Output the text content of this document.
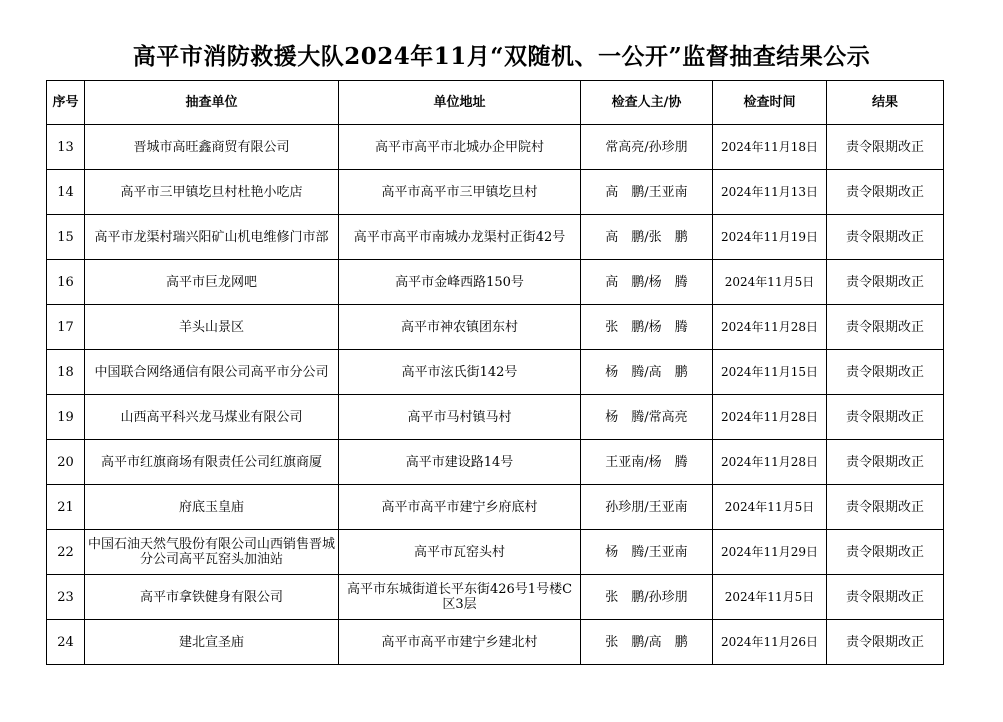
高平市消防救援大队2024年11月“双随机、一公开”监督抽查结果公示
序号	抽查单位	单位地址	检查人主/协	检查时间	结果
13	晋城市高旺鑫商贸有限公司	高平市高平市北城办企甲院村	常高亮/孙珍朋	2024年11月18日	责令限期改正
14	高平市三甲镇圪旦村杜艳小吃店	高平市高平市三甲镇圪旦村	高　鹏/王亚南	2024年11月13日	责令限期改正
15	高平市龙渠村瑞兴阳矿山机电维修门市部	高平市高平市南城办龙渠村正街42号	高　鹏/张　鹏	2024年11月19日	责令限期改正
16	高平市巨龙网吧	高平市金峰西路150号	高　鹏/杨　腾	2024年11月5日	责令限期改正
17	羊头山景区	高平市神农镇团东村	张　鹏/杨　腾	2024年11月28日	责令限期改正
18	中国联合网络通信有限公司高平市分公司	高平市泫氏街142号	杨　腾/高　鹏	2024年11月15日	责令限期改正
19	山西高平科兴龙马煤业有限公司	高平市马村镇马村	杨　腾/常高亮	2024年11月28日	责令限期改正
20	高平市红旗商场有限责任公司红旗商厦	高平市建设路14号	王亚南/杨　腾	2024年11月28日	责令限期改正
21	府底玉皇庙	高平市高平市建宁乡府底村	孙珍朋/王亚南	2024年11月5日	责令限期改正
22	中国石油天然气股份有限公司山西销售晋城分公司高平瓦窑头加油站	高平市瓦窑头村	杨　腾/王亚南	2024年11月29日	责令限期改正
23	高平市拿铁健身有限公司	高平市东城街道长平东街426号1号楼C区3层	张　鹏/孙珍朋	2024年11月5日	责令限期改正
24	建北宣圣庙	高平市高平市建宁乡建北村	张　鹏/高　鹏	2024年11月26日	责令限期改正
